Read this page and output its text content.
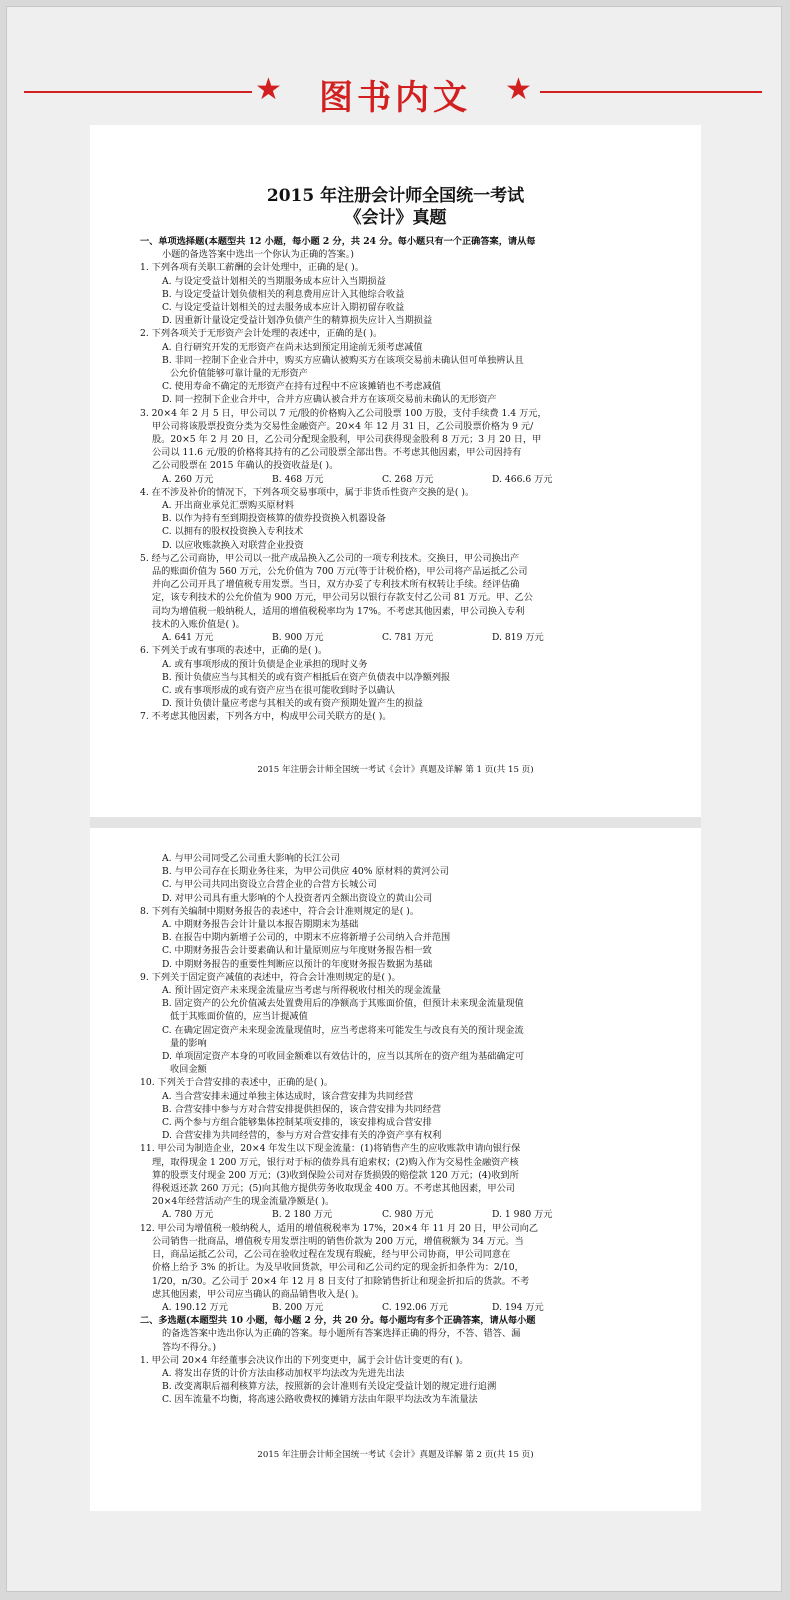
★	图书内文	★
2015 年注册会计师全国统一考试
《会计》真题
一、单项选择题(本题型共 12 小题，每小题 2 分，共 24 分。每小题只有一个正确答案，请从每
小题的备选答案中选出一个你认为正确的答案。)
1. 下列各项有关职工薪酬的会计处理中，正确的是( )。
A. 与设定受益计划相关的当期服务成本应计入当期损益
B. 与设定受益计划负债相关的利息费用应计入其他综合收益
C. 与设定受益计划相关的过去服务成本应计入期初留存收益
D. 因重新计量设定受益计划净负债产生的精算损失应计入当期损益
2. 下列各项关于无形资产会计处理的表述中，正确的是( )。
A. 自行研究开发的无形资产在尚未达到预定用途前无须考虑减值
B. 非同一控制下企业合并中，购买方应确认被购买方在该项交易前未确认但可单独辨认且
公允价值能够可靠计量的无形资产
C. 使用寿命不确定的无形资产在持有过程中不应该摊销也不考虑减值
D. 同一控制下企业合并中，合并方应确认被合并方在该项交易前未确认的无形资产
3. 20×4 年 2 月 5 日，甲公司以 7 元/股的价格购入乙公司股票 100 万股，支付手续费 1.4 万元，
甲公司将该股票投资分类为交易性金融资产。20×4 年 12 月 31 日，乙公司股票价格为 9 元/
股。20×5 年 2 月 20 日，乙公司分配现金股利，甲公司获得现金股利 8 万元；3 月 20 日，甲
公司以 11.6 元/股的价格将其持有的乙公司股票全部出售。不考虑其他因素，甲公司因持有
乙公司股票在 2015 年确认的投资收益是( )。
A. 260 万元	B. 468 万元	C. 268 万元	D. 466.6 万元
4. 在不涉及补价的情况下，下列各项交易事项中，属于非货币性资产交换的是( )。
A. 开出商业承兑汇票购买原材料
B. 以作为持有至到期投资核算的债券投资换入机器设备
C. 以拥有的股权投资换入专利技术
D. 以应收账款换入对联营企业投资
5. 经与乙公司商协，甲公司以一批产成品换入乙公司的一项专利技术。交换日，甲公司换出产
品的账面价值为 560 万元，公允价值为 700 万元(等于计税价格)，甲公司将产品运抵乙公司
并向乙公司开具了增值税专用发票。当日，双方办妥了专利技术所有权转让手续。经评估确
定，该专利技术的公允价值为 900 万元，甲公司另以银行存款支付乙公司 81 万元。甲、乙公
司均为增值税一般纳税人，适用的增值税税率均为 17%。不考虑其他因素，甲公司换入专利
技术的入账价值是( )。
A. 641 万元	B. 900 万元	C. 781 万元	D. 819 万元
6. 下列关于或有事项的表述中，正确的是( )。
A. 或有事项形成的预计负债是企业承担的现时义务
B. 预计负债应当与其相关的或有资产相抵后在资产负债表中以净额列报
C. 或有事项形成的或有资产应当在很可能收到时予以确认
D. 预计负债计量应考虑与其相关的或有资产预期处置产生的损益
7. 不考虑其他因素，下列各方中，构成甲公司关联方的是( )。
2015 年注册会计师全国统一考试《会计》真题及详解 第 1 页(共 15 页)
A. 与甲公司同受乙公司重大影响的长江公司
B. 与甲公司存在长期业务往来，为甲公司供应 40% 原材料的黄河公司
C. 与甲公司共同出资设立合营企业的合营方长城公司
D. 对甲公司具有重大影响的个人投资者丙全额出资设立的黄山公司
8. 下列有关编制中期财务报告的表述中，符合会计准则规定的是( )。
A. 中期财务报告会计计量以本报告期期末为基础
B. 在报告中期内新增子公司的，中期末不应将新增子公司纳入合并范围
C. 中期财务报告会计要素确认和计量原则应与年度财务报告相一致
D. 中期财务报告的重要性判断应以预计的年度财务报告数据为基础
9. 下列关于固定资产减值的表述中，符合会计准则规定的是( )。
A. 预计固定资产未来现金流量应当考虑与所得税收付相关的现金流量
B. 固定资产的公允价值减去处置费用后的净额高于其账面价值，但预计未来现金流量现值
低于其账面价值的，应当计提减值
C. 在确定固定资产未来现金流量现值时，应当考虑将来可能发生与改良有关的预计现金流
量的影响
D. 单项固定资产本身的可收回金额难以有效估计的，应当以其所在的资产组为基础确定可
收回金额
10. 下列关于合营安排的表述中，正确的是( )。
A. 当合营安排未通过单独主体达成时，该合营安排为共同经营
B. 合营安排中参与方对合营安排提供担保的，该合营安排为共同经营
C. 两个参与方组合能够集体控制某项安排的，该安排构成合营安排
D. 合营安排为共同经营的，参与方对合营安排有关的净资产享有权利
11. 甲公司为制造企业，20×4 年发生以下现金流量：(1)将销售产生的应收账款申请向银行保
理，取得现金 1 200 万元，银行对于标的债券具有追索权；(2)购入作为交易性金融资产核
算的股票支付现金 200 万元；(3)收到保险公司对存货损毁的赔偿款 120 万元；(4)收到所
得税返还款 260 万元；(5)向其他方提供劳务收取现金 400 万。不考虑其他因素，甲公司
20×4年经营活动产生的现金流量净额是( )。
A. 780 万元	B. 2 180 万元	C. 980 万元	D. 1 980 万元
12. 甲公司为增值税一般纳税人，适用的增值税税率为 17%，20×4 年 11 月 20 日，甲公司向乙
公司销售一批商品，增值税专用发票注明的销售价款为 200 万元，增值税额为 34 万元。当
日，商品运抵乙公司，乙公司在验收过程在发现有瑕疵，经与甲公司协商，甲公司同意在
价格上给予 3% 的折让。为及早收回货款，甲公司和乙公司约定的现金折扣条件为：2/10，
1/20，n/30。乙公司于 20×4 年 12 月 8 日支付了扣除销售折让和现金折扣后的货款。不考
虑其他因素，甲公司应当确认的商品销售收入是( )。
A. 190.12 万元	B. 200 万元	C. 192.06 万元	D. 194 万元
二、多选题(本题型共 10 小题，每小题 2 分，共 20 分。每小题均有多个正确答案，请从每小题
的备选答案中选出你认为正确的答案。每小题所有答案选择正确的得分，不答、错答、漏
答均不得分。)
1. 甲公司 20×4 年经董事会决议作出的下列变更中，属于会计估计变更的有( )。
A. 将发出存货的计价方法由移动加权平均法改为先进先出法
B. 改变离职后福利核算方法，按照新的会计准则有关设定受益计划的规定进行追溯
C. 因车流量不均衡，将高速公路收费权的摊销方法由年限平均法改为车流量法
2015 年注册会计师全国统一考试《会计》真题及详解 第 2 页(共 15 页)
